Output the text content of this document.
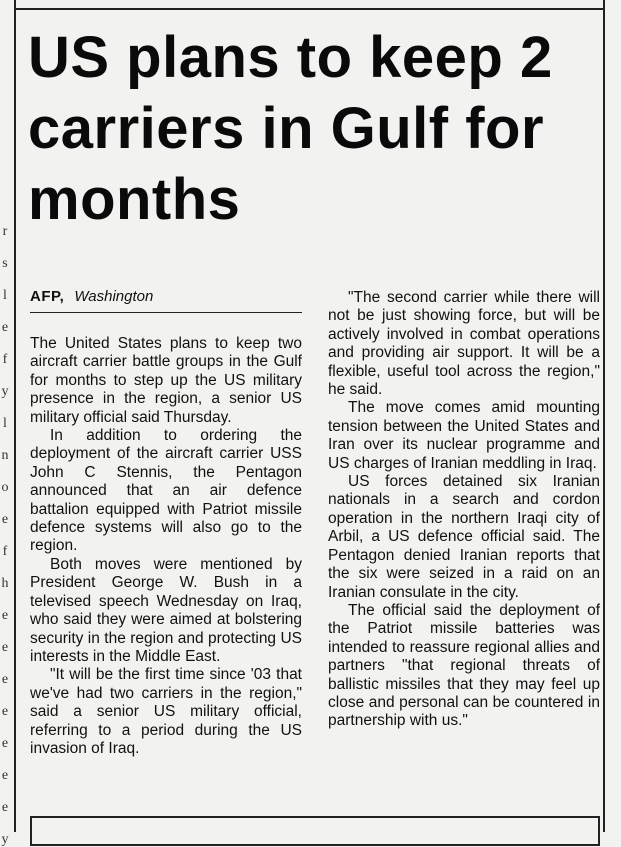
r
s
l
e
f
y
l
n
o
e
f
h
e
e
e
e
e
e
e
y
US plans to keep 2 carriers in Gulf for months
AFP, Washington

The United States plans to keep two aircraft carrier battle groups in the Gulf for months to step up the US military presence in the region, a senior US military official said Thursday.

In addition to ordering the deployment of the aircraft carrier USS John C Stennis, the Pentagon announced that an air defence battalion equipped with Patriot missile defence systems will also go to the region.

Both moves were mentioned by President George W. Bush in a televised speech Wednesday on Iraq, who said they were aimed at bolstering security in the region and protecting US interests in the Middle East.

"It will be the first time since '03 that we've had two carriers in the region," said a senior US military official, referring to a period during the US invasion of Iraq.

"The second carrier while there will not be just showing force, but will be actively involved in combat operations and providing air support. It will be a flexible, useful tool across the region," he said.

The move comes amid mounting tension between the United States and Iran over its nuclear programme and US charges of Iranian meddling in Iraq.

US forces detained six Iranian nationals in a search and cordon operation in the northern Iraqi city of Arbil, a US defence official said. The Pentagon denied Iranian reports that the six were seized in a raid on an Iranian consulate in the city.

The official said the deployment of the Patriot missile batteries was intended to reassure regional allies and partners "that regional threats of ballistic missiles that they may feel up close and personal can be countered in partnership with us."
